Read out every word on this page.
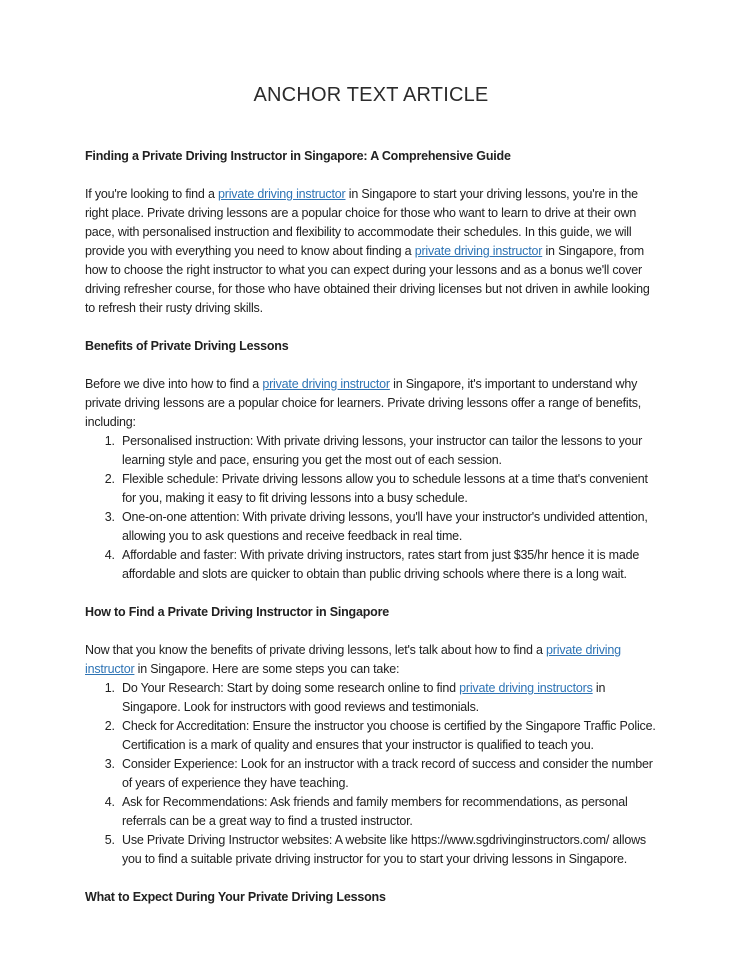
ANCHOR TEXT ARTICLE
Finding a Private Driving Instructor in Singapore: A Comprehensive Guide

If you're looking to find a private driving instructor in Singapore to start your driving lessons, you're in the right place. Private driving lessons are a popular choice for those who want to learn to drive at their own pace, with personalised instruction and flexibility to accommodate their schedules. In this guide, we will provide you with everything you need to know about finding a private driving instructor in Singapore, from how to choose the right instructor to what you can expect during your lessons and as a bonus we'll cover driving refresher course, for those who have obtained their driving licenses but not driven in awhile looking to refresh their rusty driving skills.

Benefits of Private Driving Lessons

Before we dive into how to find a private driving instructor in Singapore, it's important to understand why private driving lessons are a popular choice for learners. Private driving lessons offer a range of benefits, including:

1. Personalised instruction: With private driving lessons, your instructor can tailor the lessons to your learning style and pace, ensuring you get the most out of each session.
2. Flexible schedule: Private driving lessons allow you to schedule lessons at a time that's convenient for you, making it easy to fit driving lessons into a busy schedule.
3. One-on-one attention: With private driving lessons, you'll have your instructor's undivided attention, allowing you to ask questions and receive feedback in real time.
4. Affordable and faster: With private driving instructors, rates start from just $35/hr hence it is made affordable and slots are quicker to obtain than public driving schools where there is a long wait.
How to Find a Private Driving Instructor in Singapore

Now that you know the benefits of private driving lessons, let's talk about how to find a private driving instructor in Singapore. Here are some steps you can take:

1. Do Your Research: Start by doing some research online to find private driving instructors in Singapore. Look for instructors with good reviews and testimonials.
2. Check for Accreditation: Ensure the instructor you choose is certified by the Singapore Traffic Police. Certification is a mark of quality and ensures that your instructor is qualified to teach you.
3. Consider Experience: Look for an instructor with a track record of success and consider the number of years of experience they have teaching.
4. Ask for Recommendations: Ask friends and family members for recommendations, as personal referrals can be a great way to find a trusted instructor.
5. Use Private Driving Instructor websites: A website like https://www.sgdrivinginstructors.com/ allows you to find a suitable private driving instructor for you to start your driving lessons in Singapore.
What to Expect During Your Private Driving Lessons
